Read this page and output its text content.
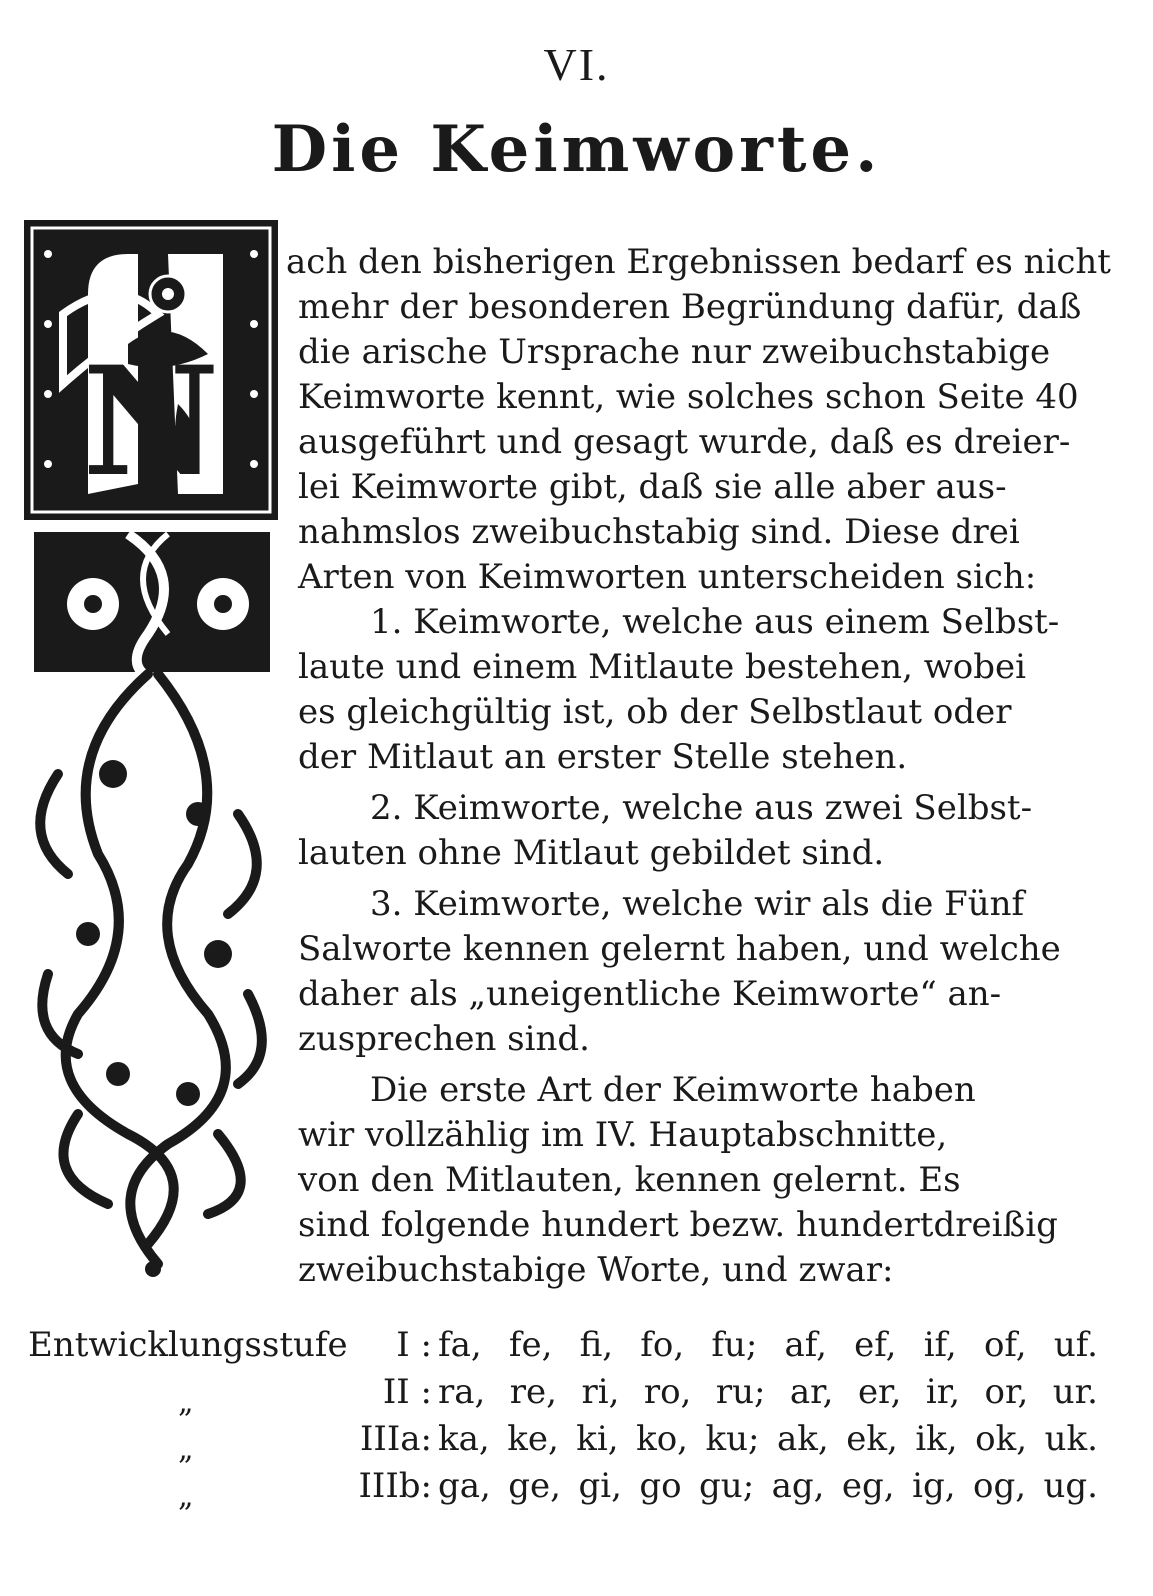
VI.
Die Keimworte.
N
ach den bisherigen Ergebnissen bedarf es nicht
mehr der besonderen Begründung dafür, daß
die arische Ursprache nur zweibuchstabige
Keimworte kennt, wie solches schon Seite 40
ausgeführt und gesagt wurde, daß es dreier-
lei Keimworte gibt, daß sie alle aber aus-
nahmslos zweibuchstabig sind. Diese drei
Arten von Keimworten unterscheiden sich:
1. Keimworte, welche aus einem Selbst-
laute und einem Mitlaute bestehen, wobei
es gleichgültig ist, ob der Selbstlaut oder
der Mitlaut an erster Stelle stehen.
2. Keimworte, welche aus zwei Selbst-
lauten ohne Mitlaut gebildet sind.
3. Keimworte, welche wir als die Fünf
Salworte kennen gelernt haben, und welche
daher als „uneigentliche Keimworte“ an-
zusprechen sind.
Die erste Art der Keimworte haben
wir vollzählig im IV. Hauptabschnitte,
von den Mitlauten, kennen gelernt. Es
sind folgende hundert bezw. hundertdreißig
zweibuchstabige Worte, und zwar:
Entwicklungsstufe I : fa, fe, fi, fo, fu; af, ef, if, of, uf.
„	II : ra, re, ri, ro, ru; ar, er, ir, or, ur.
„	IIIa: ka, ke, ki, ko, ku; ak, ek, ik, ok, uk.
„	IIIb: ga, ge, gi, go gu; ag, eg, ig, og, ug.
